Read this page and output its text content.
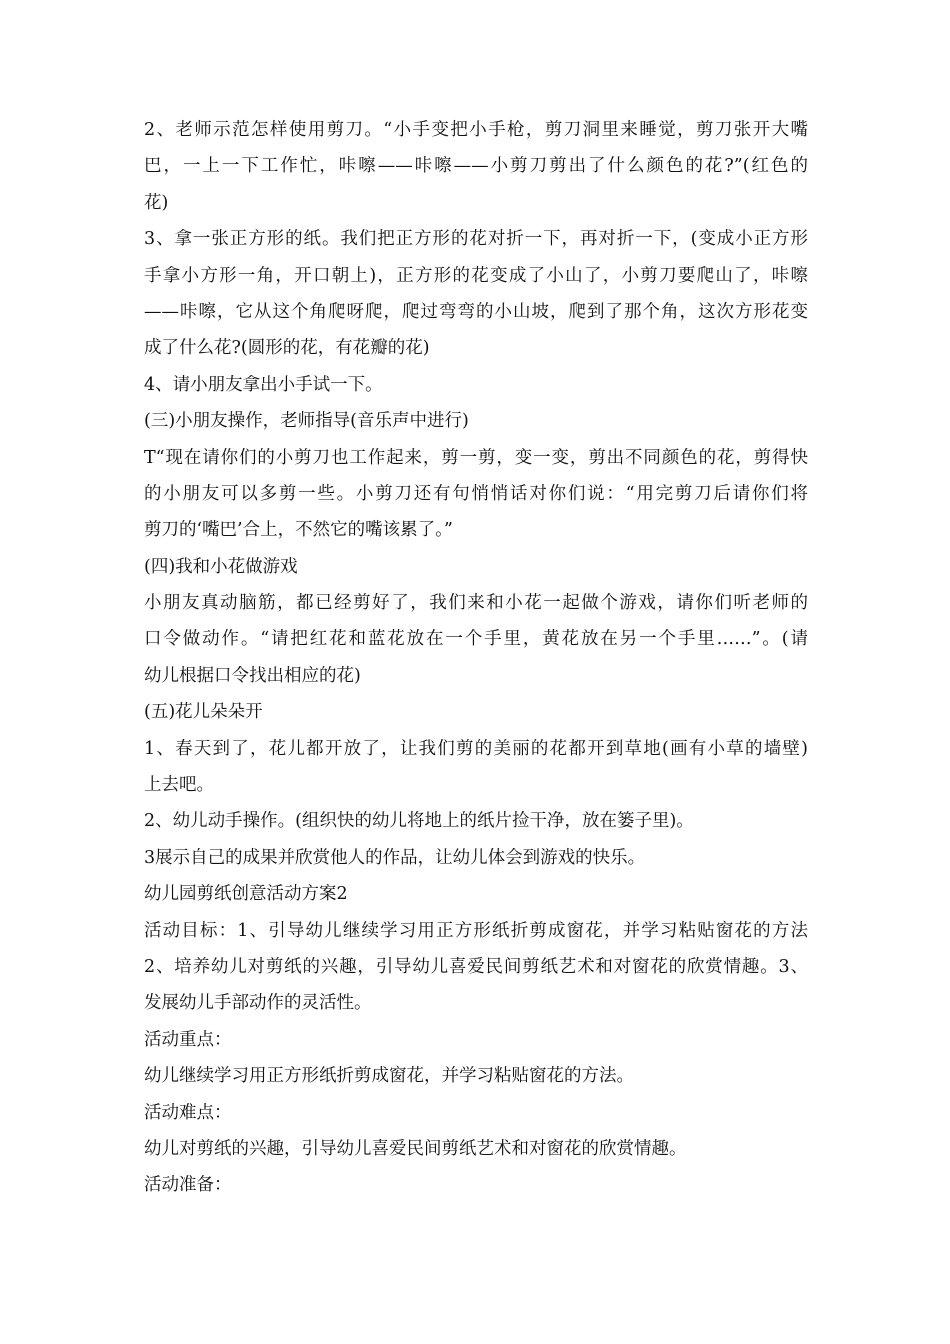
2、老师示范怎样使用剪刀。“小手变把小手枪，剪刀洞里来睡觉，剪刀张开大嘴
巴，一上一下工作忙，咔嚓——咔嚓——小剪刀剪出了什么颜色的花?”(红色的
花)
3、拿一张正方形的纸。我们把正方形的花对折一下，再对折一下，(变成小正方形
手拿小方形一角，开口朝上)，正方形的花变成了小山了，小剪刀要爬山了，咔嚓
——咔嚓，它从这个角爬呀爬，爬过弯弯的小山坡，爬到了那个角，这次方形花变
成了什么花?(圆形的花，有花瓣的花)
4、请小朋友拿出小手试一下。
(三)小朋友操作，老师指导(音乐声中进行)
T“现在请你们的小剪刀也工作起来，剪一剪，变一变，剪出不同颜色的花，剪得快
的小朋友可以多剪一些。小剪刀还有句悄悄话对你们说：“用完剪刀后请你们将
剪刀的‘嘴巴’合上，不然它的嘴该累了。”
(四)我和小花做游戏
小朋友真动脑筋，都已经剪好了，我们来和小花一起做个游戏，请你们听老师的
口令做动作。“请把红花和蓝花放在一个手里，黄花放在另一个手里……”。(请
幼儿根据口令找出相应的花)
(五)花儿朵朵开
1、春天到了，花儿都开放了，让我们剪的美丽的花都开到草地(画有小草的墙壁)
上去吧。
2、幼儿动手操作。(组织快的幼儿将地上的纸片捡干净，放在篓子里)。
3展示自己的成果并欣赏他人的作品，让幼儿体会到游戏的快乐。
幼儿园剪纸创意活动方案2
活动目标：1、引导幼儿继续学习用正方形纸折剪成窗花，并学习粘贴窗花的方法
2、培养幼儿对剪纸的兴趣，引导幼儿喜爱民间剪纸艺术和对窗花的欣赏情趣。3、
发展幼儿手部动作的灵活性。
活动重点：
幼儿继续学习用正方形纸折剪成窗花，并学习粘贴窗花的方法。
活动难点：
幼儿对剪纸的兴趣，引导幼儿喜爱民间剪纸艺术和对窗花的欣赏情趣。
活动准备：
